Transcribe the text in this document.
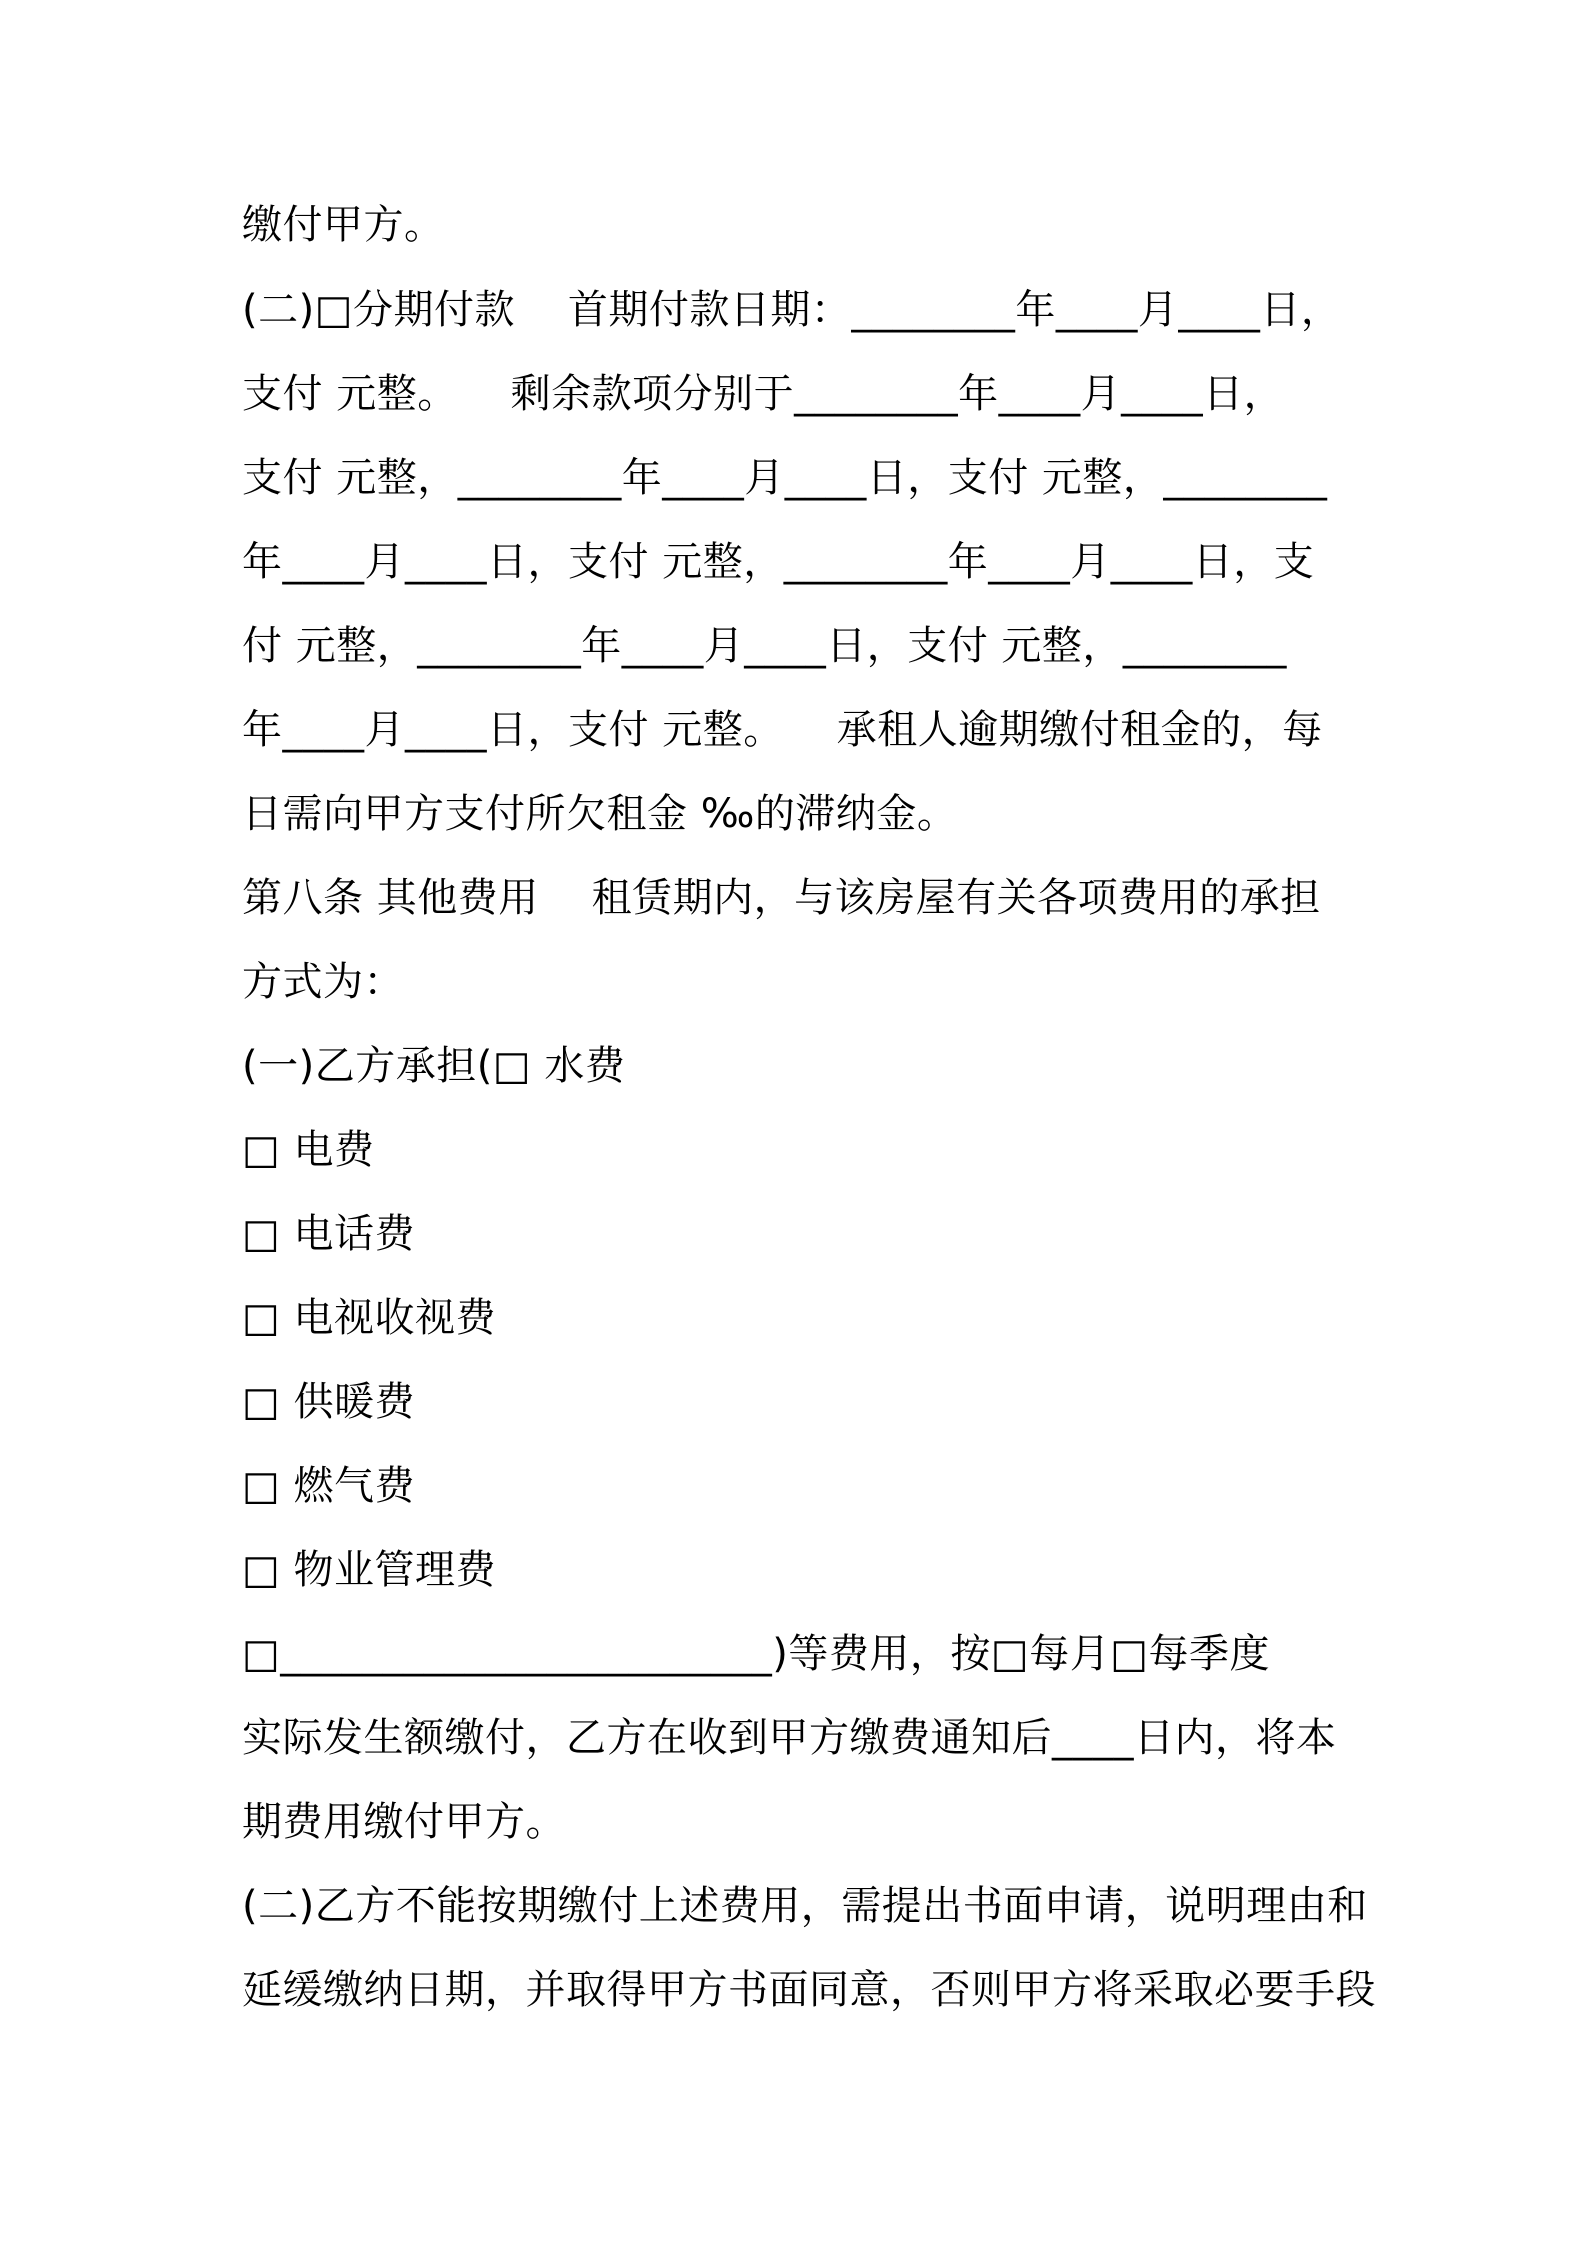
缴付甲方。
(二)□分期付款    首期付款日期：________年____月____日，
支付 元整。    剩余款项分别于________年____月____日，
支付 元整，________年____月____日，支付 元整，________
年____月____日，支付 元整，________年____月____日，支
付 元整，________年____月____日，支付 元整，________
年____月____日，支付 元整。    承租人逾期缴付租金的，每
日需向甲方支付所欠租金 ‰的滞纳金。
第八条 其他费用    租赁期内，与该房屋有关各项费用的承担
方式为：
(一)乙方承担(□ 水费
□ 电费
□ 电话费
□ 电视收视费
□ 供暖费
□ 燃气费
□ 物业管理费
□________________________)等费用，按□每月□每季度
实际发生额缴付，乙方在收到甲方缴费通知后____日内，将本
期费用缴付甲方。
(二)乙方不能按期缴付上述费用，需提出书面申请，说明理由和
延缓缴纳日期，并取得甲方书面同意，否则甲方将采取必要手段
